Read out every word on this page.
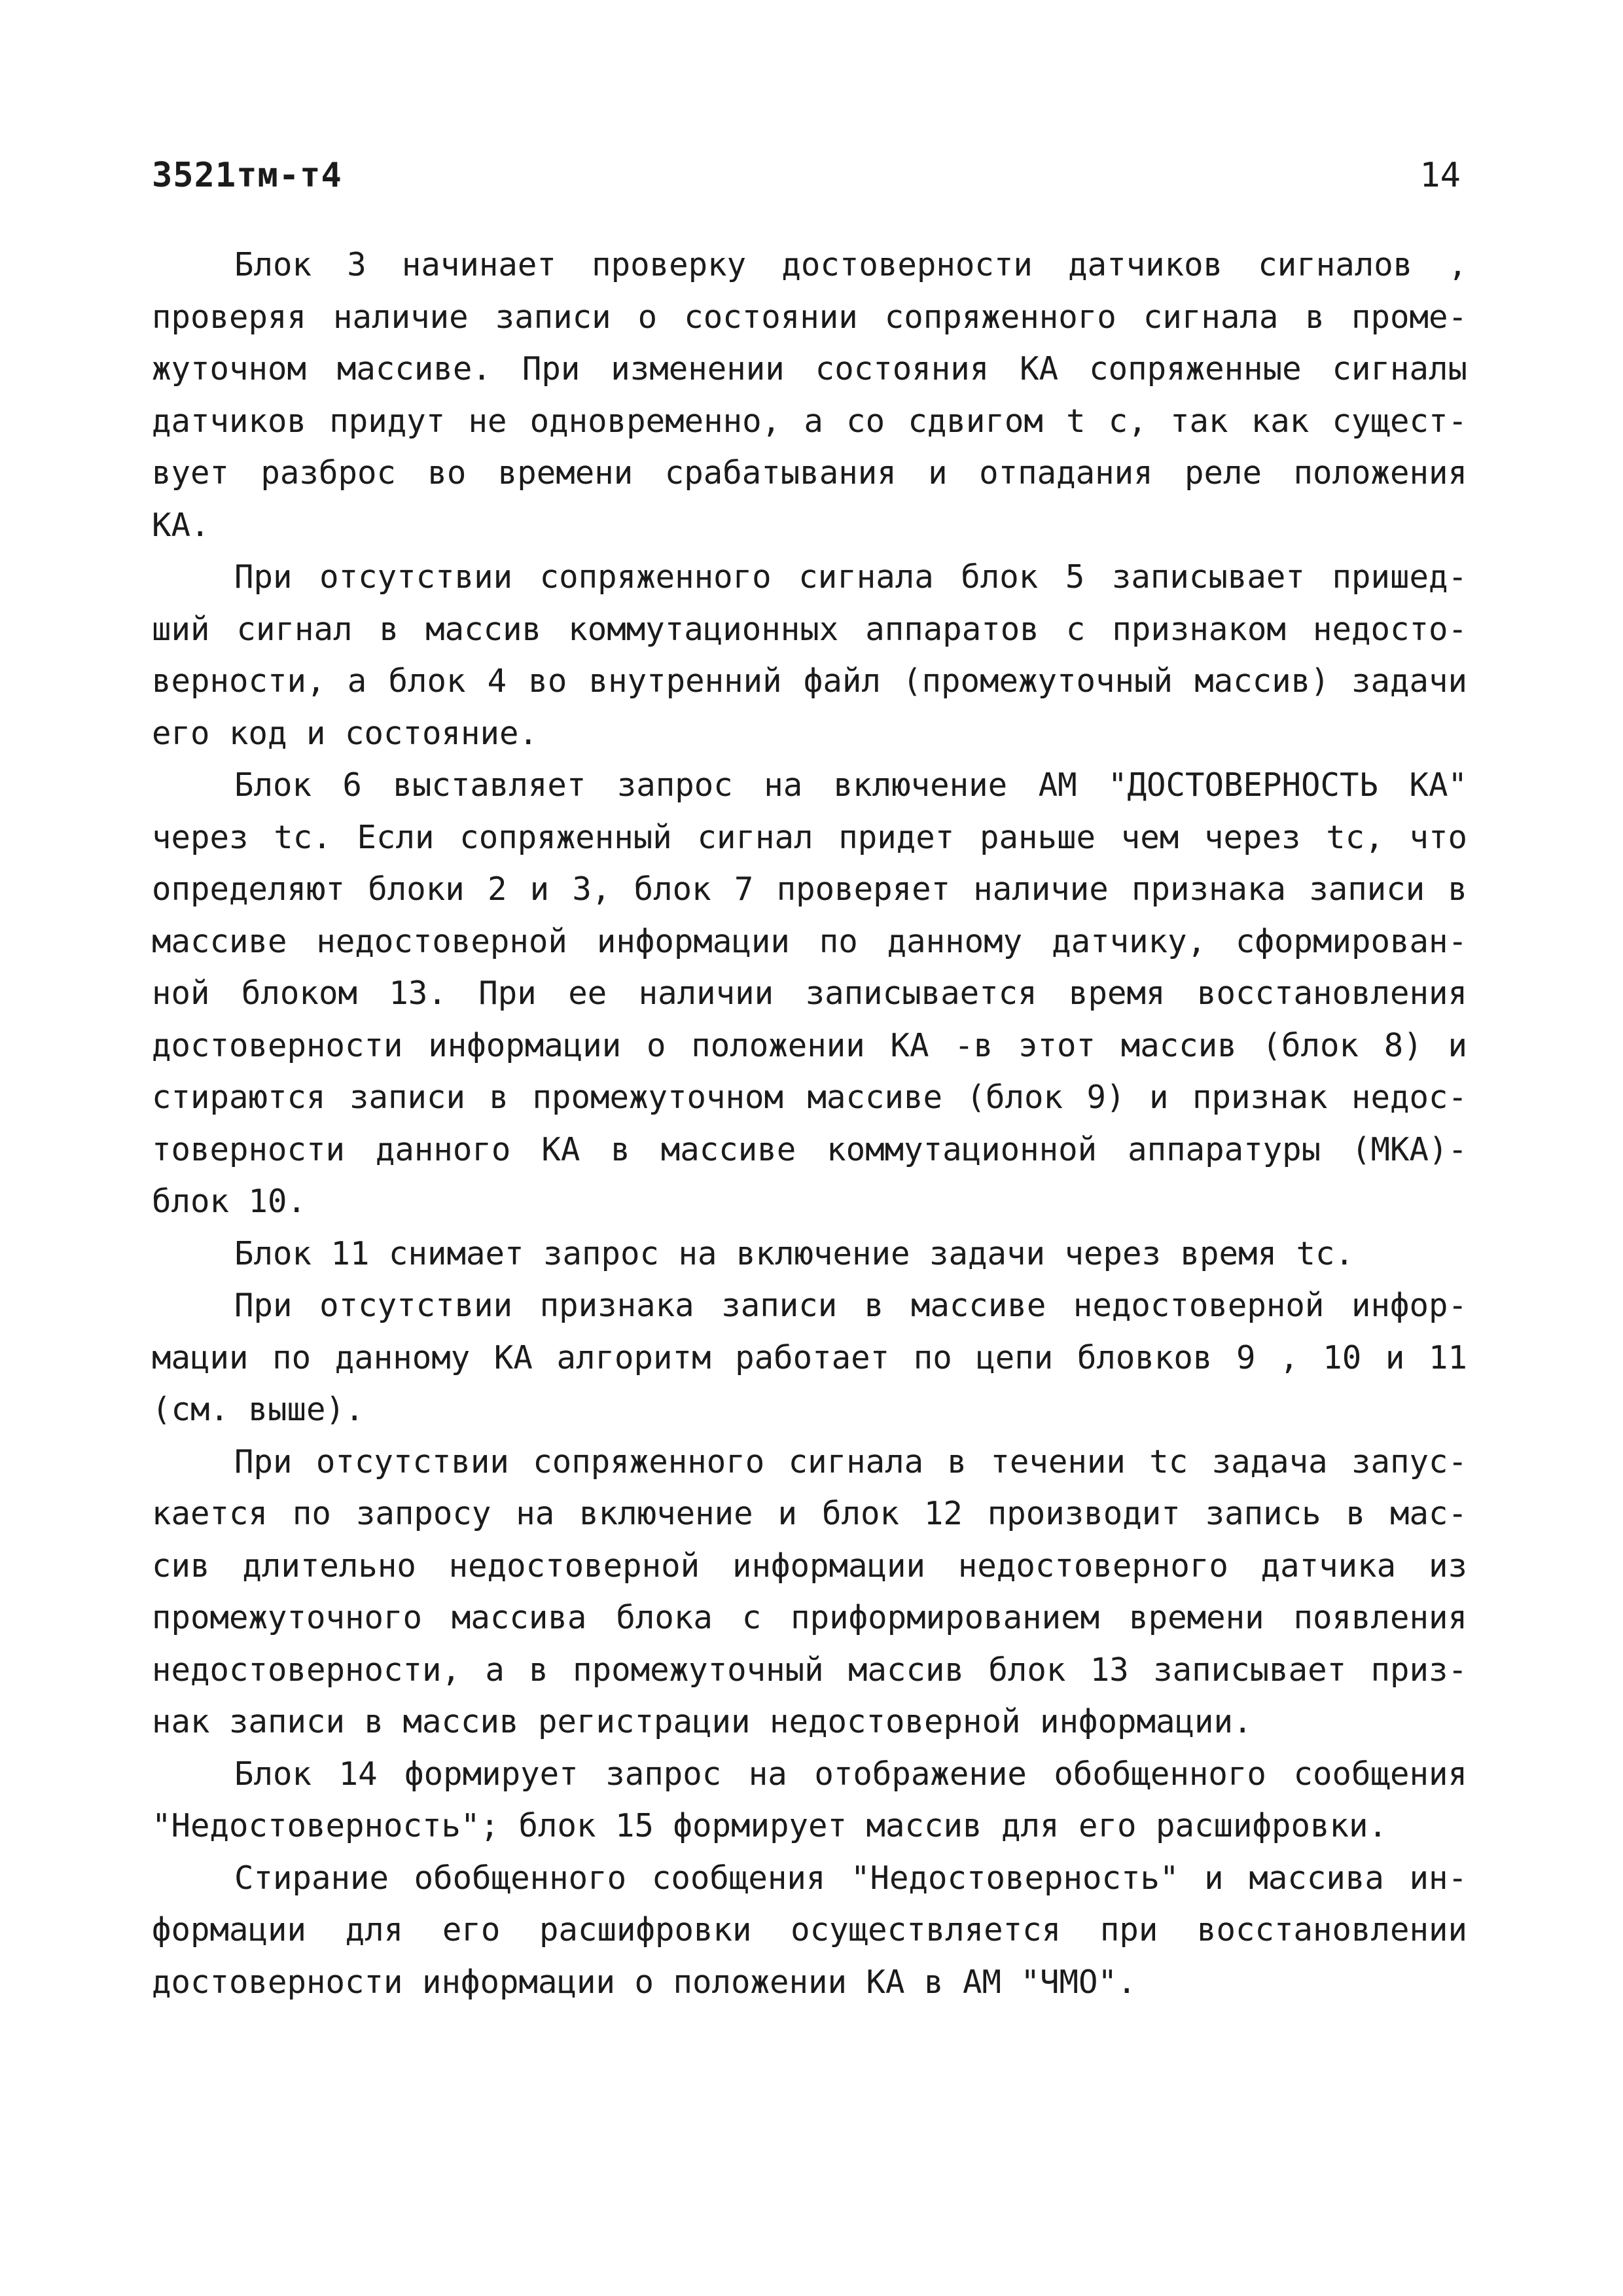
3521тм-т4	14
Блок 3 начинает проверку достоверности датчиков сигналов ,
проверяя наличие записи о состоянии сопряженного сигнала в проме-
жуточном массиве. При изменении состояния КА сопряженные сигналы
датчиков придут не одновременно, а со сдвигом t с, так как сущест-
вует разброс во времени срабатывания и отпадания реле положения
КА.
При отсутствии сопряженного сигнала блок 5 записывает пришед-
ший сигнал в массив коммутационных аппаратов с признаком недосто-
верности, а блок 4 во внутренний файл (промежуточный массив) задачи
его код и состояние.
Блок 6 выставляет запрос на включение АМ "ДОСТОВЕРНОСТЬ КА"
через tс. Если сопряженный сигнал придет раньше чем через tс, что
определяют блоки 2 и 3, блок 7 проверяет наличие признака записи в
массиве недостоверной информации по данному датчику, сформирован-
ной блоком 13. При ее наличии записывается время восстановления
достоверности информации о положении КА -в этот массив (блок 8) и
стираются записи в промежуточном массиве (блок 9) и признак недос-
товерности данного КА в массиве коммутационной аппаратуры (МКА)-
блок 10.
Блок 11 снимает запрос на включение задачи через время tс.
При отсутствии признака записи в массиве недостоверной инфор-
мации по данному КА алгоритм работает по цепи бловков 9 , 10 и 11
(см. выше).
При отсутствии сопряженного сигнала в течении tс задача запус-
кается по запросу на включение и блок 12 производит запись в мас-
сив длительно недостоверной информации недостоверного датчика из
промежуточного массива блока с приформированием времени появления
недостоверности, а в промежуточный массив блок 13 записывает приз-
нак записи в массив регистрации недостоверной информации.
Блок 14 формирует запрос на отображение обобщенного сообщения
"Недостоверность"; блок 15 формирует массив для его расшифровки.
Стирание обобщенного сообщения "Недостоверность" и массива ин-
формации для его расшифровки осуществляется при восстановлении
достоверности информации о положении КА в АМ "ЧМО".
